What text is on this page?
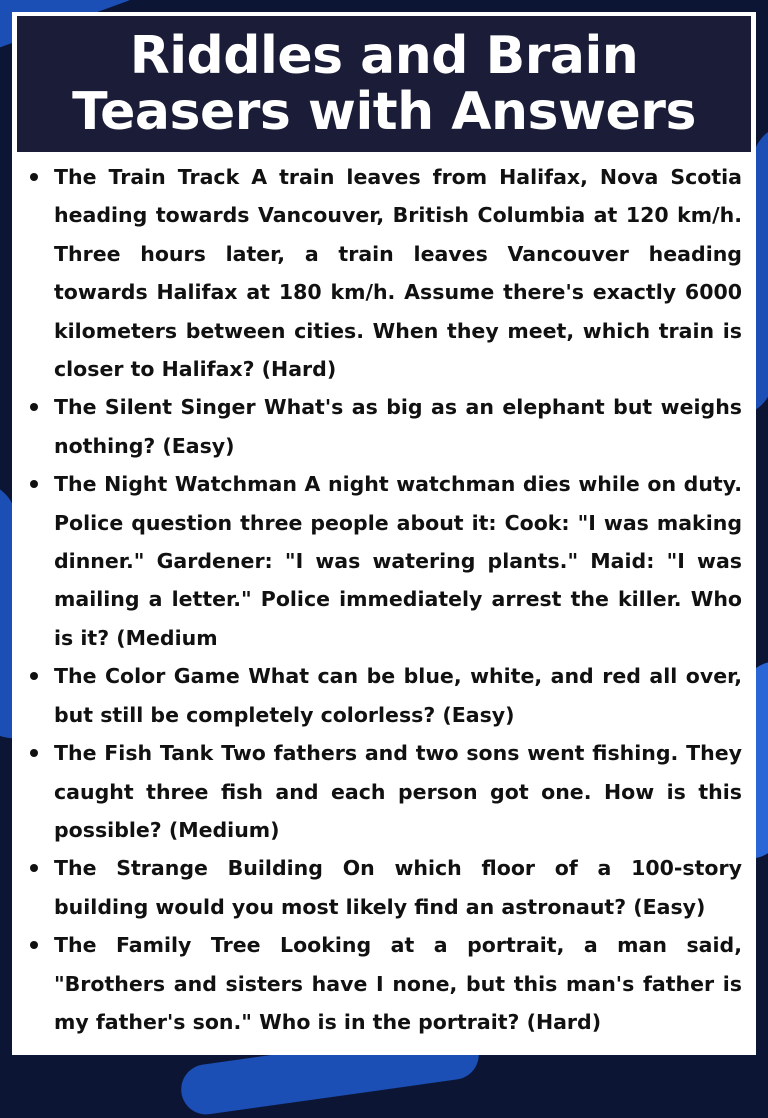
Riddles and Brain
Teasers with Answers
The Train Track A train leaves from Halifax, Nova Scotia heading towards Vancouver, British Columbia at 120 km/h. Three hours later, a train leaves Vancouver heading towards Halifax at 180 km/h. Assume there's exactly 6000 kilometers between cities. When they meet, which train is closer to Halifax? (Hard)
The Silent Singer What's as big as an elephant but weighs nothing? (Easy)
The Night Watchman A night watchman dies while on duty. Police question three people about it: Cook: "I was making dinner." Gardener: "I was watering plants." Maid: "I was mailing a letter." Police immediately arrest the killer. Who is it? (Medium
The Color Game What can be blue, white, and red all over, but still be completely colorless? (Easy)
The Fish Tank Two fathers and two sons went fishing. They caught three fish and each person got one. How is this possible? (Medium)
The Strange Building On which floor of a 100-story building would you most likely find an astronaut? (Easy)
The Family Tree Looking at a portrait, a man said, "Brothers and sisters have I none, but this man's father is my father's son." Who is in the portrait? (Hard)
